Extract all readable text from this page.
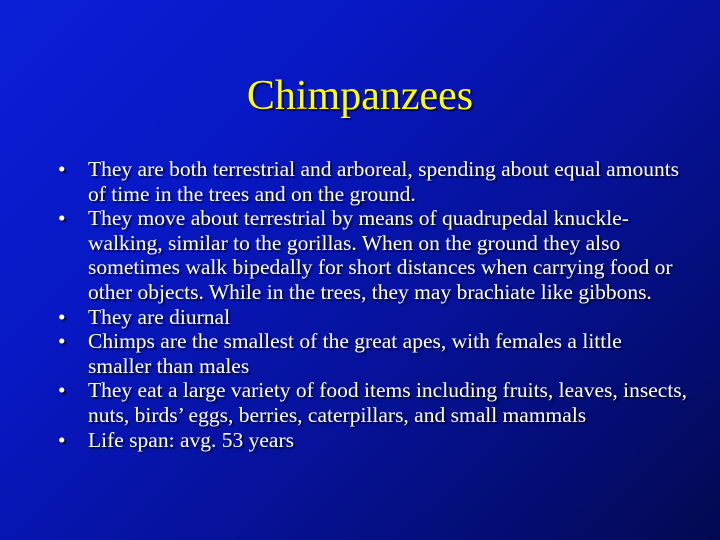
Chimpanzees
•	They are both terrestrial and arboreal, spending about equal amounts of time in the trees and on the ground.
•	They move about terrestrial by means of quadrupedal knuckle-walking, similar to the gorillas. When on the ground they also sometimes walk bipedally for short distances when carrying food or other objects. While in the trees, they may brachiate like gibbons.
•	They are diurnal
•	Chimps are the smallest of the great apes, with females a little smaller than males
•	They eat a large variety of food items including fruits, leaves, insects, nuts, birds’ eggs, berries, caterpillars, and small mammals
•	Life span: avg. 53 years
